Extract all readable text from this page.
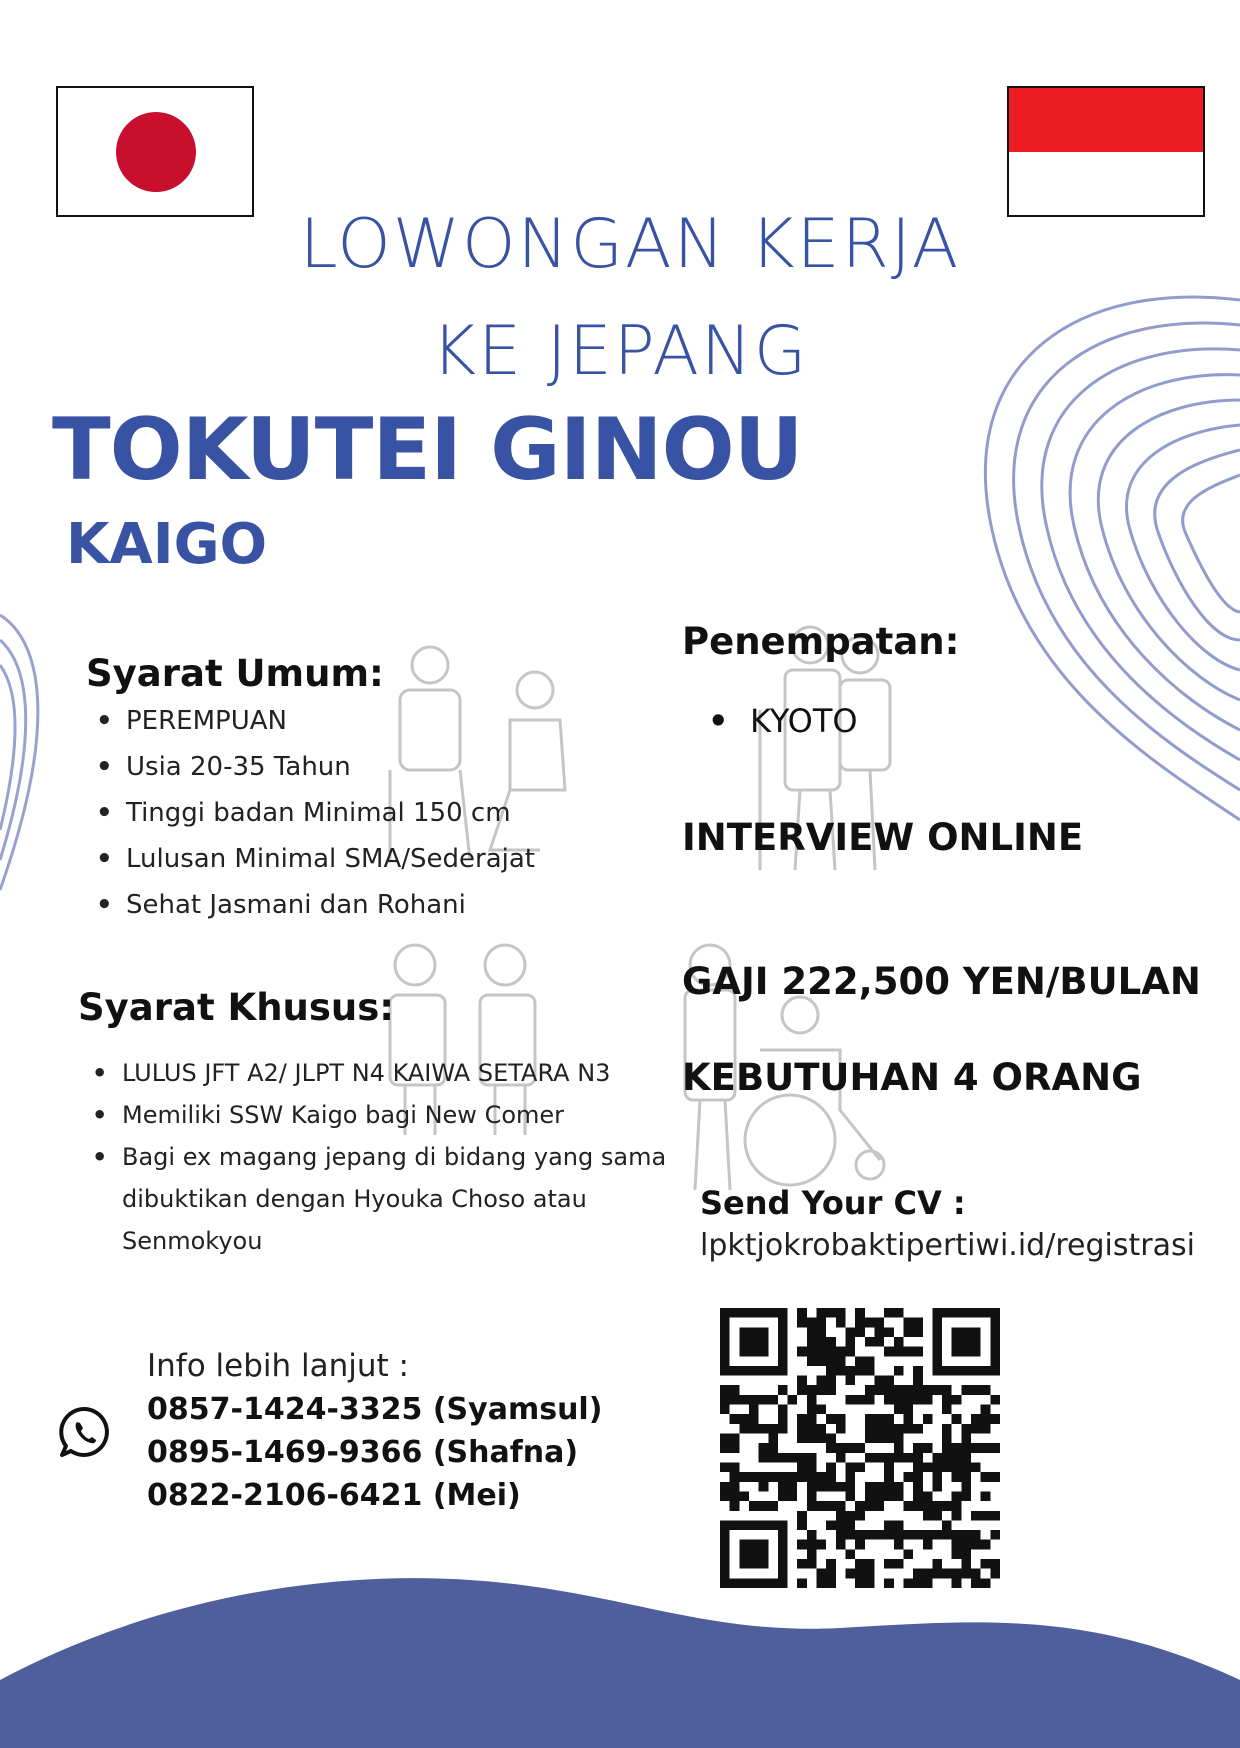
LOWONGAN KERJA
KE JEPANG
TOKUTEI GINOU
KAIGO
Syarat Umum:
• PEREMPUAN
• Usia 20-35 Tahun
• Tinggi badan Minimal 150 cm
• Lulusan Minimal SMA/Sederajat
• Sehat Jasmani dan Rohani
Syarat Khusus:
• LULUS JFT A2/ JLPT N4 KAIWA SETARA N3
• Memiliki SSW Kaigo bagi New Comer
• Bagi ex magang jepang di bidang yang sama
dibuktikan dengan Hyouka Choso atau
Senmokyou
Penempatan:
• KYOTO
INTERVIEW ONLINE
GAJI 222,500 YEN/BULAN
KEBUTUHAN 4 ORANG
Send Your CV :
lpktjokrobaktipertiwi.id/registrasi
Info lebih lanjut :
0857-1424-3325 (Syamsul)
0895-1469-9366 (Shafna)
0822-2106-6421 (Mei)
